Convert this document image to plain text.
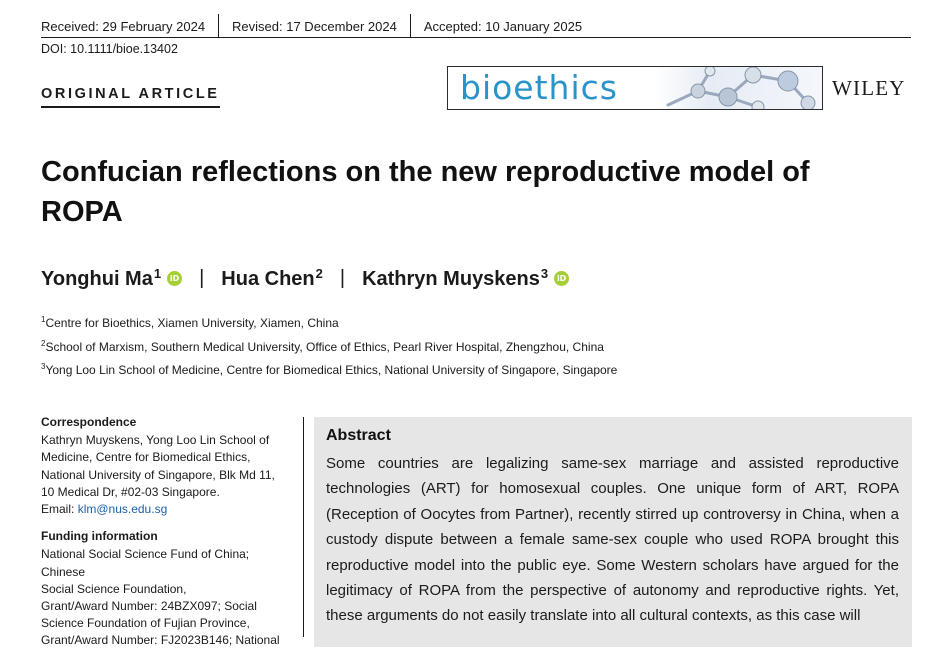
Received: 29 February 2024 Revised: 17 December 2024 Accepted: 10 January 2025
DOI: 10.1111/bioe.13402
ORIGINAL ARTICLE	bioethics	WILEY
Confucian reflections on the new reproductive model of ROPA
Yonghui Ma$^1$	iD | Hua Chen$^2$ | Kathryn Muyskens$^3$	iD
$^1$Centre for Bioethics, Xiamen University, Xiamen, China
$^2$School of Marxism, Southern Medical University, Office of Ethics, Pearl River Hospital, Zhengzhou, China
$^3$Yong Loo Lin School of Medicine, Centre for Biomedical Ethics, National University of Singapore, Singapore
Correspondence
Kathryn Muyskens, Yong Loo Lin School of
Medicine, Centre for Biomedical Ethics,
National University of Singapore, Blk Md 11,
10 Medical Dr, #02-03 Singapore.
Email: klm@nus.edu.sg
Funding information
National Social Science Fund of China; Chinese
Social Science Foundation,
Grant/Award Number: 24BZX097; Social
Science Foundation of Fujian Province,
Grant/Award Number: FJ2023B146; National
Abstract
Some countries are legalizing same-sex marriage and assisted reproductive technologies (ART) for homosexual couples. One unique form of ART, ROPA (Reception of Oocytes from Partner), recently stirred up controversy in China, when a custody dispute between a female same-sex couple who used ROPA brought this reproductive model into the public eye. Some Western scholars have argued for the legitimacy of ROPA from the perspective of autonomy and reproductive rights. Yet, these arguments do not easily translate into all cultural contexts, as this case will
